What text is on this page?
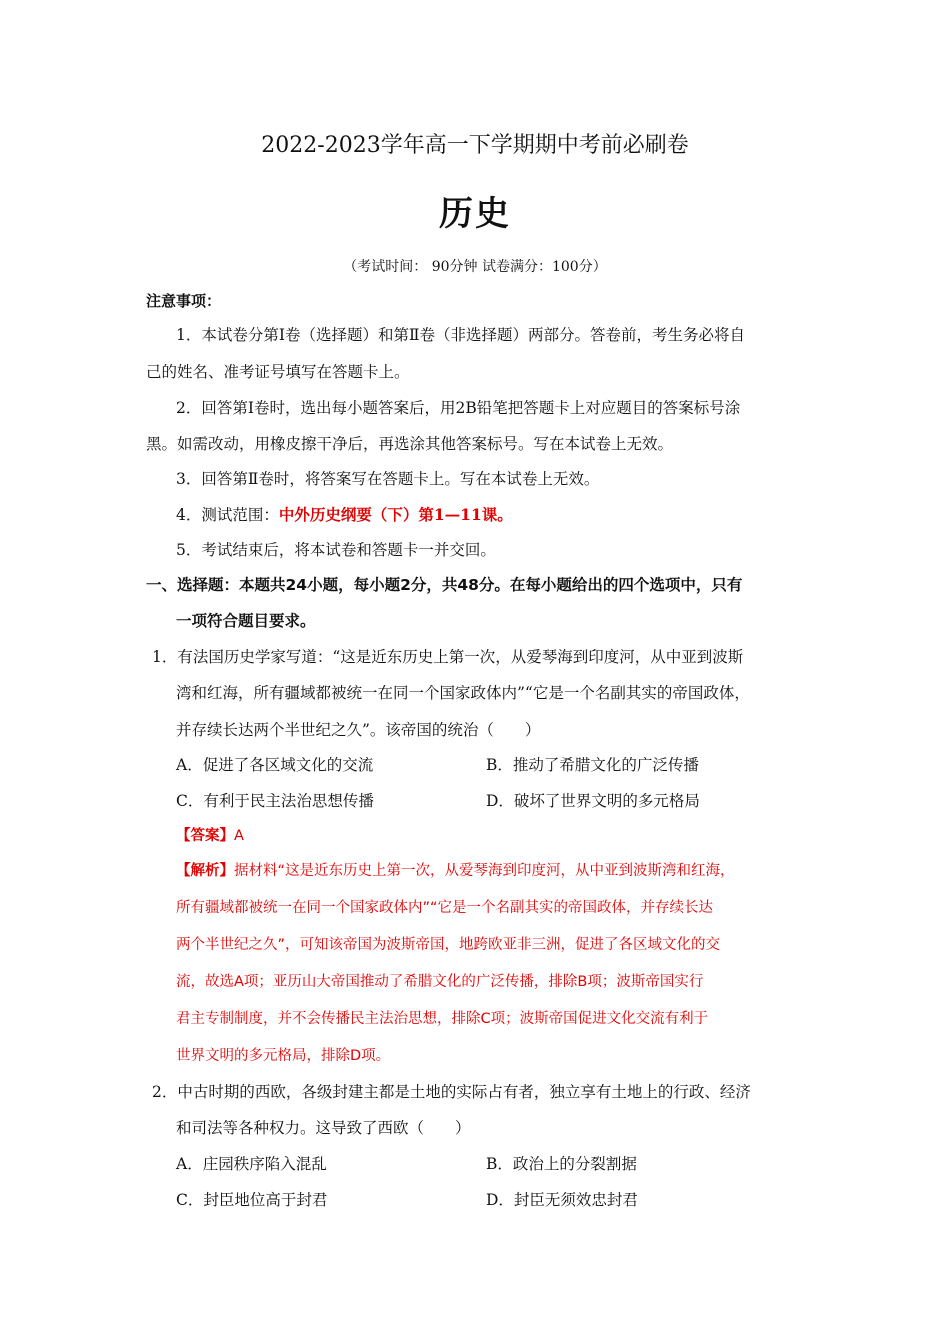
2022-2023学年高一下学期期中考前必刷卷
历史
（考试时间： 90分钟 试卷满分：100分）
注意事项：
1．本试卷分第Ⅰ卷（选择题）和第Ⅱ卷（非选择题）两部分。答卷前，考生务必将自
己的姓名、准考证号填写在答题卡上。
2．回答第Ⅰ卷时，选出每小题答案后，用2B铅笔把答题卡上对应题目的答案标号涂
黑。如需改动，用橡皮擦干净后，再选涂其他答案标号。写在本试卷上无效。
3．回答第Ⅱ卷时，将答案写在答题卡上。写在本试卷上无效。
4．测试范围：中外历史纲要（下）第1—11课。
5．考试结束后，将本试卷和答题卡一并交回。
一、选择题：本题共24小题，每小题2分，共48分。在每小题给出的四个选项中，只有
一项符合题目要求。
1．有法国历史学家写道：“这是近东历史上第一次，从爱琴海到印度河，从中亚到波斯
湾和红海，所有疆域都被统一在同一个国家政体内”“它是一个名副其实的帝国政体，
并存续长达两个半世纪之久”。该帝国的统治（　　）
A．促进了各区域文化的交流	B．推动了希腊文化的广泛传播
C．有利于民主法治思想传播	D．破坏了世界文明的多元格局
【答案】A
【解析】据材料“这是近东历史上第一次，从爱琴海到印度河，从中亚到波斯湾和红海，
所有疆域都被统一在同一个国家政体内”“它是一个名副其实的帝国政体，并存续长达
两个半世纪之久”，可知该帝国为波斯帝国，地跨欧亚非三洲，促进了各区域文化的交
流，故选A项；亚历山大帝国推动了希腊文化的广泛传播，排除B项；波斯帝国实行
君主专制制度，并不会传播民主法治思想，排除C项；波斯帝国促进文化交流有利于
世界文明的多元格局，排除D项。
2．中古时期的西欧，各级封建主都是土地的实际占有者，独立享有土地上的行政、经济
和司法等各种权力。这导致了西欧（　　）
A．庄园秩序陷入混乱	B．政治上的分裂割据
C．封臣地位高于封君	D．封臣无须效忠封君
